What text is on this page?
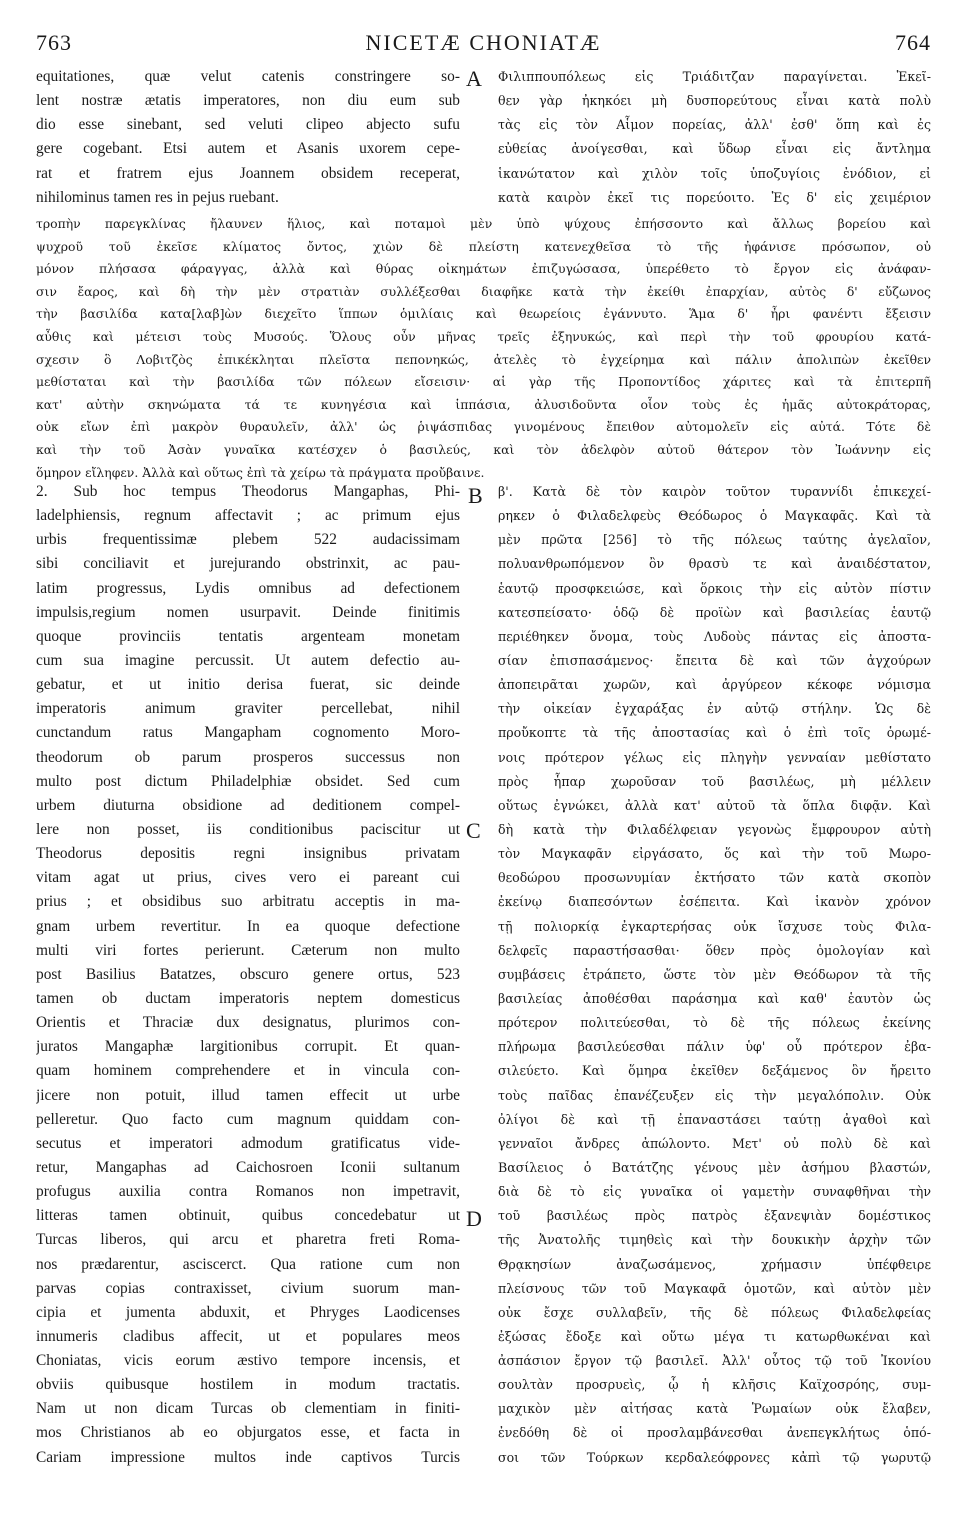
763	NICETÆ CHONIATÆ	764
equitationes, quæ velut catenis constringere so-
lent nostræ ætatis imperatores, non diu eum sub
dio esse sinebant, sed veluti clipeo abjecto sufu
gere cogebant. Etsi autem et Asanis uxorem cepe-
rat et fratrem ejus Joannem obsidem receperat,
nihilominus tamen res in pejus ruebant.
A Φιλιππουπόλεως εἰς Τριάδιτζαν παραγίνεται. Ἐκεῖ-
θεν γὰρ ἠκηκόει μὴ δυσπορεύτους εἶναι κατὰ πολὺ
τὰς εἰς τὸν Αἷμον πορείας, ἀλλ' ἐσθ' ὅπη καὶ ἐς
εὐθείας ἀνοίγεσθαι, καὶ ὕδωρ εἶναι εἰς ἄντλημα
ἱκανώτατον καὶ χιλὸν τοῖς ὑποζυγίοις ἐνόδιον, εἰ
κατὰ καιρὸν ἐκεῖ τις πορεύοιτο. Ἐς δ' εἰς χειμέριον
τροπὴν παρεγκλίνας ἤλαυνεν ἥλιος, καὶ ποταμοὶ μὲν ὑπὸ ψύχους ἐπήσσοντο καὶ ἄλλως βορείου καὶ
ψυχροῦ τοῦ ἐκεῖσε κλίματος ὄντος, χιὼν δὲ πλείστη κατενεχθεῖσα τὸ τῆς ἠφάνισε πρόσωπον, οὐ
μόνον πλήσασα φάραγγας, ἀλλὰ καὶ θύρας οἰκημάτων ἐπιζυγώσασα, ὑπερέθετο τὸ ἔργον εἰς ἀνάφαν-
σιν ἔαρος, καὶ δὴ τὴν μὲν στρατιὰν συλλέξεσθαι διαφῆκε κατὰ τὴν ἐκείθι ἐπαρχίαν, αὐτὸς δ' εὔζωνος
τὴν βασιλίδα κατα[λαβ]ὼν διεχεῖτο ἵππων ὁμιλίαις καὶ θεωρείοις ἐγάννυτο. Ἅμα δ' ἦρι φανέντι ἔξεισιν
αὖθις καὶ μέτεισι τοὺς Μυσούς. Ὅλους οὖν μῆνας τρεῖς ἐξηνυκώς, καὶ περὶ τὴν τοῦ φρουρίου κατά-
σχεσιν ὃ Λοβιτζὸς ἐπικέκληται πλεῖστα πεπονηκώς, ἀτελὲς τὸ ἐγχείρημα καὶ πάλιν ἀπολιπὼν ἐκεῖθεν
μεθίσταται καὶ τὴν βασιλίδα τῶν πόλεων εἴσεισιν· αἱ γὰρ τῆς Προποντίδος χάριτες καὶ τὰ ἐπιτερπῆ
κατ' αὐτὴν σκηνώματα τά τε κυνηγέσια καὶ ἱππάσια, ἀλυσιδοῦντα οἷον τοὺς ἐς ἡμᾶς αὐτοκράτορας,
οὐκ εἴων ἐπὶ μακρὸν θυραυλεῖν, ἀλλ' ὡς ῥιψάσπιδας γινομένους ἔπειθον αὐτομολεῖν εἰς αὐτά. Τότε δὲ
καὶ τὴν τοῦ Ἀσὰν γυναῖκα κατέσχεν ὁ βασιλεύς, καὶ τὸν ἀδελφὸν αὐτοῦ θάτερον τὸν Ἰωάννην εἰς
ὅμηρον εἴληφεν. Ἀλλὰ καὶ οὕτως ἐπὶ τὰ χείρω τὰ πράγματα προὔβαινε.
2. Sub hoc tempus Theodorus Mangaphas, Phi-
ladelphiensis, regnum affectavit ; ac primum ejus
urbis frequentissimæ plebem 522 audacissimam
sibi conciliavit et jurejurando obstrinxit, ac pau-
latim progressus, Lydis omnibus ad defectionem
impulsis,regium nomen usurpavit. Deinde finitimis
quoque provinciis tentatis argenteam monetam
cum sua imagine percussit. Ut autem defectio au-
gebatur, et ut initio derisa fuerat, sic deinde
imperatoris animum graviter percellebat, nihil
cunctandum ratus Mangapham cognomento Moro-
theodorum ob parum prosperos successus non
multo post dictum Philadelphiæ obsidet. Sed cum
urbem diuturna obsidione ad deditionem compel-
lere non posset, iis conditionibus paciscitur ut
Theodorus depositis regni insignibus privatam
vitam agat ut prius, cives vero ei pareant cui
prius ; et obsidibus suo arbitratu acceptis in ma-
gnam urbem revertitur. In ea quoque defectione
multi viri fortes perierunt. Cæterum non multo
post Basilius Batatzes, obscuro genere ortus, 523
tamen ob ductam imperatoris neptem domesticus
Orientis et Thraciæ dux designatus, plurimos con-
juratos Mangaphæ largitionibus corrupit. Et quan-
quam hominem comprehendere et in vincula con-
jicere non potuit, illud tamen effecit ut urbe
pelleretur. Quo facto cum magnum quiddam con-
secutus et imperatori admodum gratificatus vide-
retur, Mangaphas ad Caichosroen Iconii sultanum
profugus auxilia contra Romanos non impetravit,
litteras tamen obtinuit, quibus concedebatur ut
Turcas liberos, qui arcu et pharetra freti Roma-
nos prædarentur, asciscerct. Qua ratione cum non
parvas copias contraxisset, civium suorum man-
cipia et jumenta abduxit, et Phryges Laodicenses
innumeris cladibus affecit, ut et populares meos
Choniatas, vicis eorum æstivo tempore incensis, et
obviis quibusque hostilem in modum tractatis.
Nam ut non dicam Turcas ob clementiam in finiti-
mos Christianos ab eo objurgatos esse, et facta in
Cariam impressione multos inde captivos Turcis
B
C
D
β'. Κατὰ δὲ τὸν καιρὸν τοῦτον τυραννίδι ἐπικεχεί-
ρηκεν ὁ Φιλαδελφεὺς Θεόδωρος ὁ Μαγκαφᾶς. Καὶ τὰ
μὲν πρῶτα [256] τὸ τῆς πόλεως ταύτης ἀγελαῖον,
πολυανθρωπόμενον ὂν θρασὺ τε καὶ ἀναιδέστατον,
ἑαυτῷ προσφκειώσε, καὶ ὅρκοις τὴν εἰς αὐτὸν πίστιν
κατεσπείσατο· ὁδῷ δὲ προϊὼν καὶ βασιλείας ἑαυτῷ
περιέθηκεν ὄνομα, τοὺς Λυδοὺς πάντας εἰς ἀποστα-
σίαν ἐπισπασάμενος· ἔπειτα δὲ καὶ τῶν ἀγχούρων
ἀποπειρᾶται χωρῶν, καὶ ἀργύρεον κέκοφε νόμισμα
τὴν οἰκείαν ἐγχαράξας ἐν αὐτῷ στήλην. Ὡς δὲ
προὔκοπτε τὰ τῆς ἀποστασίας καὶ ὁ ἐπὶ τοῖς ὁρωμέ-
νοις πρότερον γέλως εἰς πληγὴν γενναίαν μεθίστατο
πρὸς ἧπαρ χωροῦσαν τοῦ βασιλέως, μὴ μέλλειν
οὕτως ἐγνώκει, ἀλλὰ κατ' αὐτοῦ τὰ ὅπλα διφᾷν. Καὶ
δὴ κατὰ τὴν Φιλαδέλφειαν γεγονὼς ἔμφρουρον αὐτὴ
τὸν Μαγκαφᾶν εἰργάσατο, ὅς καὶ τὴν τοῦ Μωρο-
θεοδώρου προσωνυμίαν ἐκτήσατο τῶν κατὰ σκοπὸν
ἐκείνῳ διαπεσόντων ἐσέπειτα. Καὶ ἱκανὸν χρόνον
τῇ πολιορκίᾳ ἐγκαρτερήσας οὐκ ἴσχυσε τοὺς Φιλα-
δελφεῖς παραστήσασθαι· ὅθεν πρὸς ὁμολογίαν καὶ
συμβάσεις ἐτράπετο, ὥστε τὸν μὲν Θεόδωρον τὰ τῆς
βασιλείας ἀποθέσθαι παράσημα καὶ καθ' ἑαυτὸν ὡς
πρότερον πολιτεύεσθαι, τὸ δὲ τῆς πόλεως ἐκείνης
πλήρωμα βασιλεύεσθαι πάλιν ὑφ' οὗ πρότερον ἐβα-
σιλεύετο. Καὶ ὅμηρα ἐκεῖθεν δεξάμενος ὃν ἤρειτο
τοὺς παῖδας ἐπανέζευξεν εἰς τὴν μεγαλόπολιν. Οὐκ
ὀλίγοι δὲ καὶ τῇ ἐπαναστάσει ταύτῃ ἀγαθοὶ καὶ
γενναῖοι ἄνδρες ἀπώλοντο. Μετ' οὐ πολὺ δὲ καὶ
Βασίλειος ὁ Βατάτζης γένους μὲν ἀσήμου βλαστών,
διὰ δὲ τὸ εἰς γυναῖκα οἱ γαμετὴν συναφθῆναι τὴν
τοῦ βασιλέως πρὸς πατρὸς ἐξανεψιὰν δομέστικος
τῆς Ἀνατολῆς τιμηθεὶς καὶ τὴν δουκικὴν ἀρχὴν τῶν
Θρᾳκησίων ἀναζωσάμενος, χρήμασιν ὑπέφθειρε
πλείσνους τῶν τοῦ Μαγκαφᾶ ὁμοτῶν, καὶ αὐτὸν μὲν
οὐκ ἔσχε συλλαβεῖν, τῆς δὲ πόλεως Φιλαδελφείας
ἐξώσας ἔδοξε καὶ οὕτω μέγα τι κατωρθωκέναι καὶ
ἀσπάσιον ἔργον τῷ βασιλεῖ. Ἀλλ' οὗτος τῷ τοῦ Ἰκονίου
σουλτὰν προσρυεὶς, ᾧ ἡ κλῆσις Καϊχοσρόης, συμ-
μαχικὸν μὲν αἰτήσας κατὰ Ῥωμαίων οὐκ ἔλαβεν,
ἐνεδόθη δὲ οἱ προσλαμβάνεσθαι ἀνεπεγκλήτως ὁπό-
σοι τῶν Τούρκων κερδαλεόφρονες κἀπὶ τῷ γωρυτῷ
